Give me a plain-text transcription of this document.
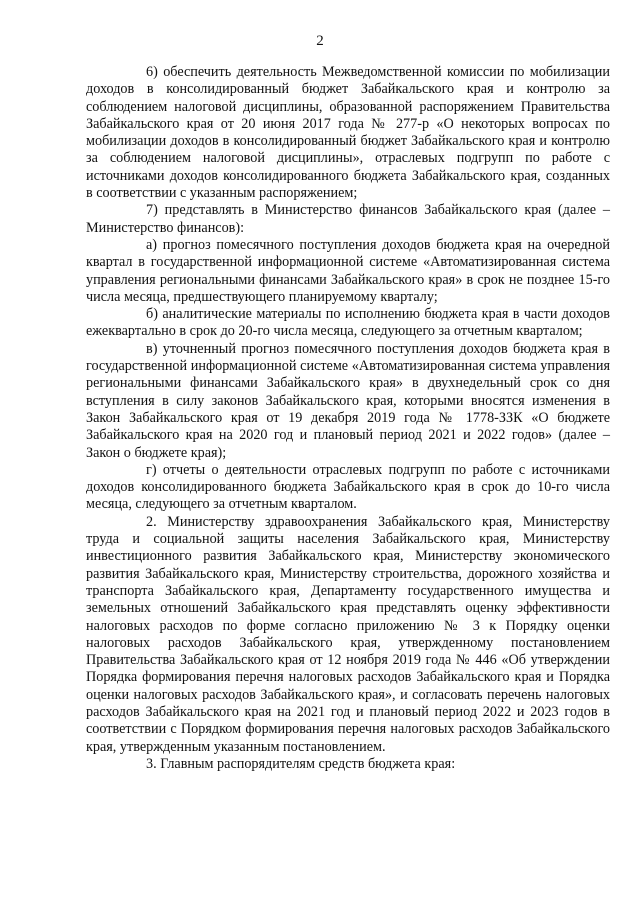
2

6) обеспечить деятельность Межведомственной комиссии по мобилизации доходов в консолидированный бюджет Забайкальского края и контролю за соблюдением налоговой дисциплины, образованной распоряжением Правительства Забайкальского края от 20 июня 2017 года № 277-р «О некоторых вопросах по мобилизации доходов в консолидированный бюджет Забайкальского края и контролю за соблюдением налоговой дисциплины», отраслевых подгрупп по работе с источниками доходов консолидированного бюджета Забайкальского края, созданных в соответствии с указанным распоряжением;

7) представлять в Министерство финансов Забайкальского края (далее – Министерство финансов):

а) прогноз помесячного поступления доходов бюджета края на очередной квартал в государственной информационной системе «Автоматизированная система управления региональными финансами Забайкальского края» в срок не позднее 15-го числа месяца, предшествующего планируемому кварталу;

б) аналитические материалы по исполнению бюджета края в части доходов ежеквартально в срок до 20-го числа месяца, следующего за отчетным кварталом;

в) уточненный прогноз помесячного поступления доходов бюджета края в государственной информационной системе «Автоматизированная система управления региональными финансами Забайкальского края» в двухнедельный срок со дня вступления в силу законов Забайкальского края, которыми вносятся изменения в Закон Забайкальского края от 19 декабря 2019 года № 1778-ЗЗК «О бюджете Забайкальского края на 2020 год и плановый период 2021 и 2022 годов» (далее – Закон о бюджете края);

г) отчеты о деятельности отраслевых подгрупп по работе с источниками доходов консолидированного бюджета Забайкальского края в срок до 10-го числа месяца, следующего за отчетным кварталом.

2. Министерству здравоохранения Забайкальского края, Министерству труда и социальной защиты населения Забайкальского края, Министерству инвестиционного развития Забайкальского края, Министерству экономического развития Забайкальского края, Министерству строительства, дорожного хозяйства и транспорта Забайкальского края, Департаменту государственного имущества и земельных отношений Забайкальского края представлять оценку эффективности налоговых расходов по форме согласно приложению № 3 к Порядку оценки налоговых расходов Забайкальского края, утвержденному постановлением Правительства Забайкальского края от 12 ноября 2019 года № 446 «Об утверждении Порядка формирования перечня налоговых расходов Забайкальского края и Порядка оценки налоговых расходов Забайкальского края», и согласовать перечень налоговых расходов Забайкальского края на 2021 год и плановый период 2022 и 2023 годов в соответствии с Порядком формирования перечня налоговых расходов Забайкальского края, утвержденным указанным постановлением.

3. Главным распорядителям средств бюджета края:
